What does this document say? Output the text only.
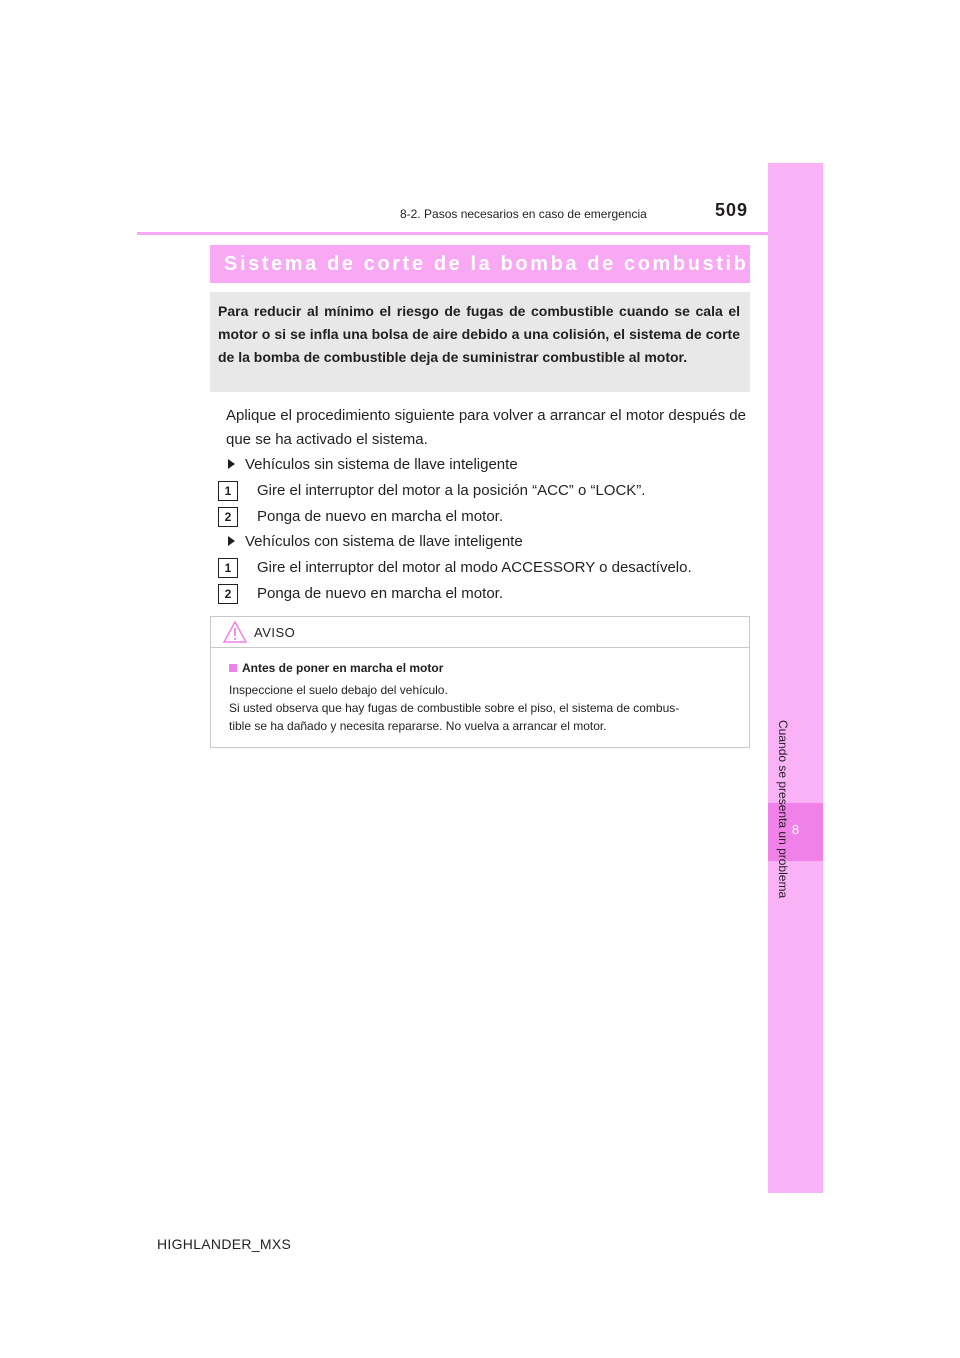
8-2. Pasos necesarios en caso de emergencia	509
8
Cuando se presenta un problema
Sistema de corte de la bomba de combustible
Para reducir al mínimo el riesgo de fugas de combustible cuando se cala el motor o si se infla una bolsa de aire debido a una colisión, el sistema de corte de la bomba de combustible deja de suministrar combustible al motor.
Aplique el procedimiento siguiente para volver a arrancar el motor después de que se ha activado el sistema.
Vehículos sin sistema de llave inteligente
1	Gire el interruptor del motor a la posición “ACC” o “LOCK”.
2	Ponga de nuevo en marcha el motor.
Vehículos con sistema de llave inteligente
1	Gire el interruptor del motor al modo ACCESSORY o desactívelo.
2	Ponga de nuevo en marcha el motor.
AVISO
Antes de poner en marcha el motor
Inspeccione el suelo debajo del vehículo.
Si usted observa que hay fugas de combustible sobre el piso, el sistema de combus-
tible se ha dañado y necesita repararse. No vuelva a arrancar el motor.
HIGHLANDER_MXS
